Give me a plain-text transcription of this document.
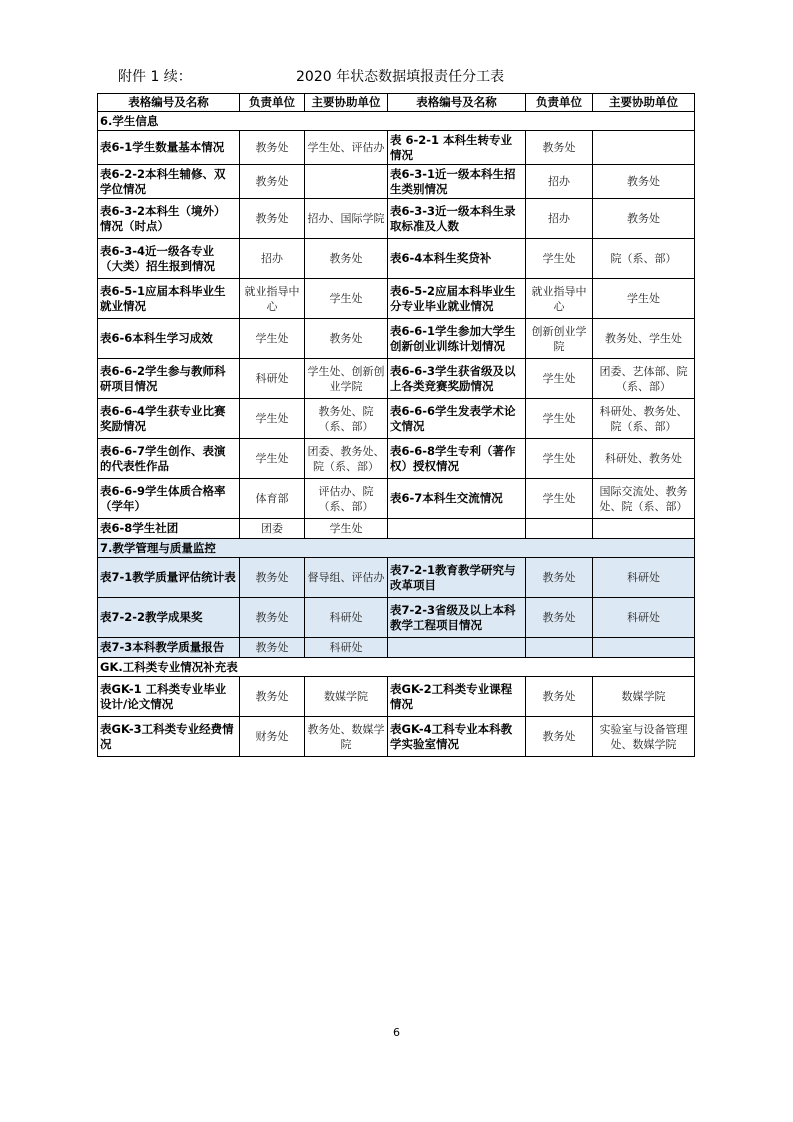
附件 1 续：	2020 年状态数据填报责任分工表
表格编号及名称	负责单位	主要协助单位	表格编号及名称	负责单位	主要协助单位
6.学生信息					
表6-1学生数量基本情况	教务处	学生处、评估办	表 6-2-1 本科生转专业情况	教务处	
表6-2-2本科生辅修、双学位情况	教务处		表6-3-1近一级本科生招生类别情况	招办	教务处
表6-3-2本科生（境外）情况（时点）	教务处	招办、国际学院	表6-3-3近一级本科生录取标准及人数	招办	教务处
表6-3-4近一级各专业（大类）招生报到情况	招办	教务处	表6-4本科生奖贷补	学生处	院（系、部）
表6-5-1应届本科毕业生就业情况	就业指导中心	学生处	表6-5-2应届本科毕业生分专业毕业就业情况	就业指导中心	学生处
表6-6本科生学习成效	学生处	教务处	表6-6-1学生参加大学生创新创业训练计划情况	创新创业学院	教务处、学生处
表6-6-2学生参与教师科研项目情况	科研处	学生处、创新创业学院	表6-6-3学生获省级及以上各类竞赛奖励情况	学生处	团委、艺体部、院（系、部）
表6-6-4学生获专业比赛奖励情况	学生处	教务处、院（系、部）	表6-6-6学生发表学术论文情况	学生处	科研处、教务处、院（系、部）
表6-6-7学生创作、表演的代表性作品	学生处	团委、教务处、院（系、部）	表6-6-8学生专利（著作权）授权情况	学生处	科研处、教务处
表6-6-9学生体质合格率（学年）	体育部	评估办、院（系、部）	表6-7本科生交流情况	学生处	国际交流处、教务处、院（系、部）
表6-8学生社团	团委	学生处			
7.教学管理与质量监控					
表7-1教学质量评估统计表	教务处	督导组、评估办	表7-2-1教育教学研究与改革项目	教务处	科研处
表7-2-2教学成果奖	教务处	科研处	表7-2-3省级及以上本科教学工程项目情况	教务处	科研处
表7-3本科教学质量报告	教务处	科研处			
GK.工科类专业情况补充表					
表GK-1 工科类专业毕业设计/论文情况	教务处	数媒学院	表GK-2工科类专业课程情况	教务处	数媒学院
表GK-3工科类专业经费情况	财务处	教务处、数媒学院	表GK-4工科专业本科教学实验室情况	教务处	实验室与设备管理处、数媒学院
6
